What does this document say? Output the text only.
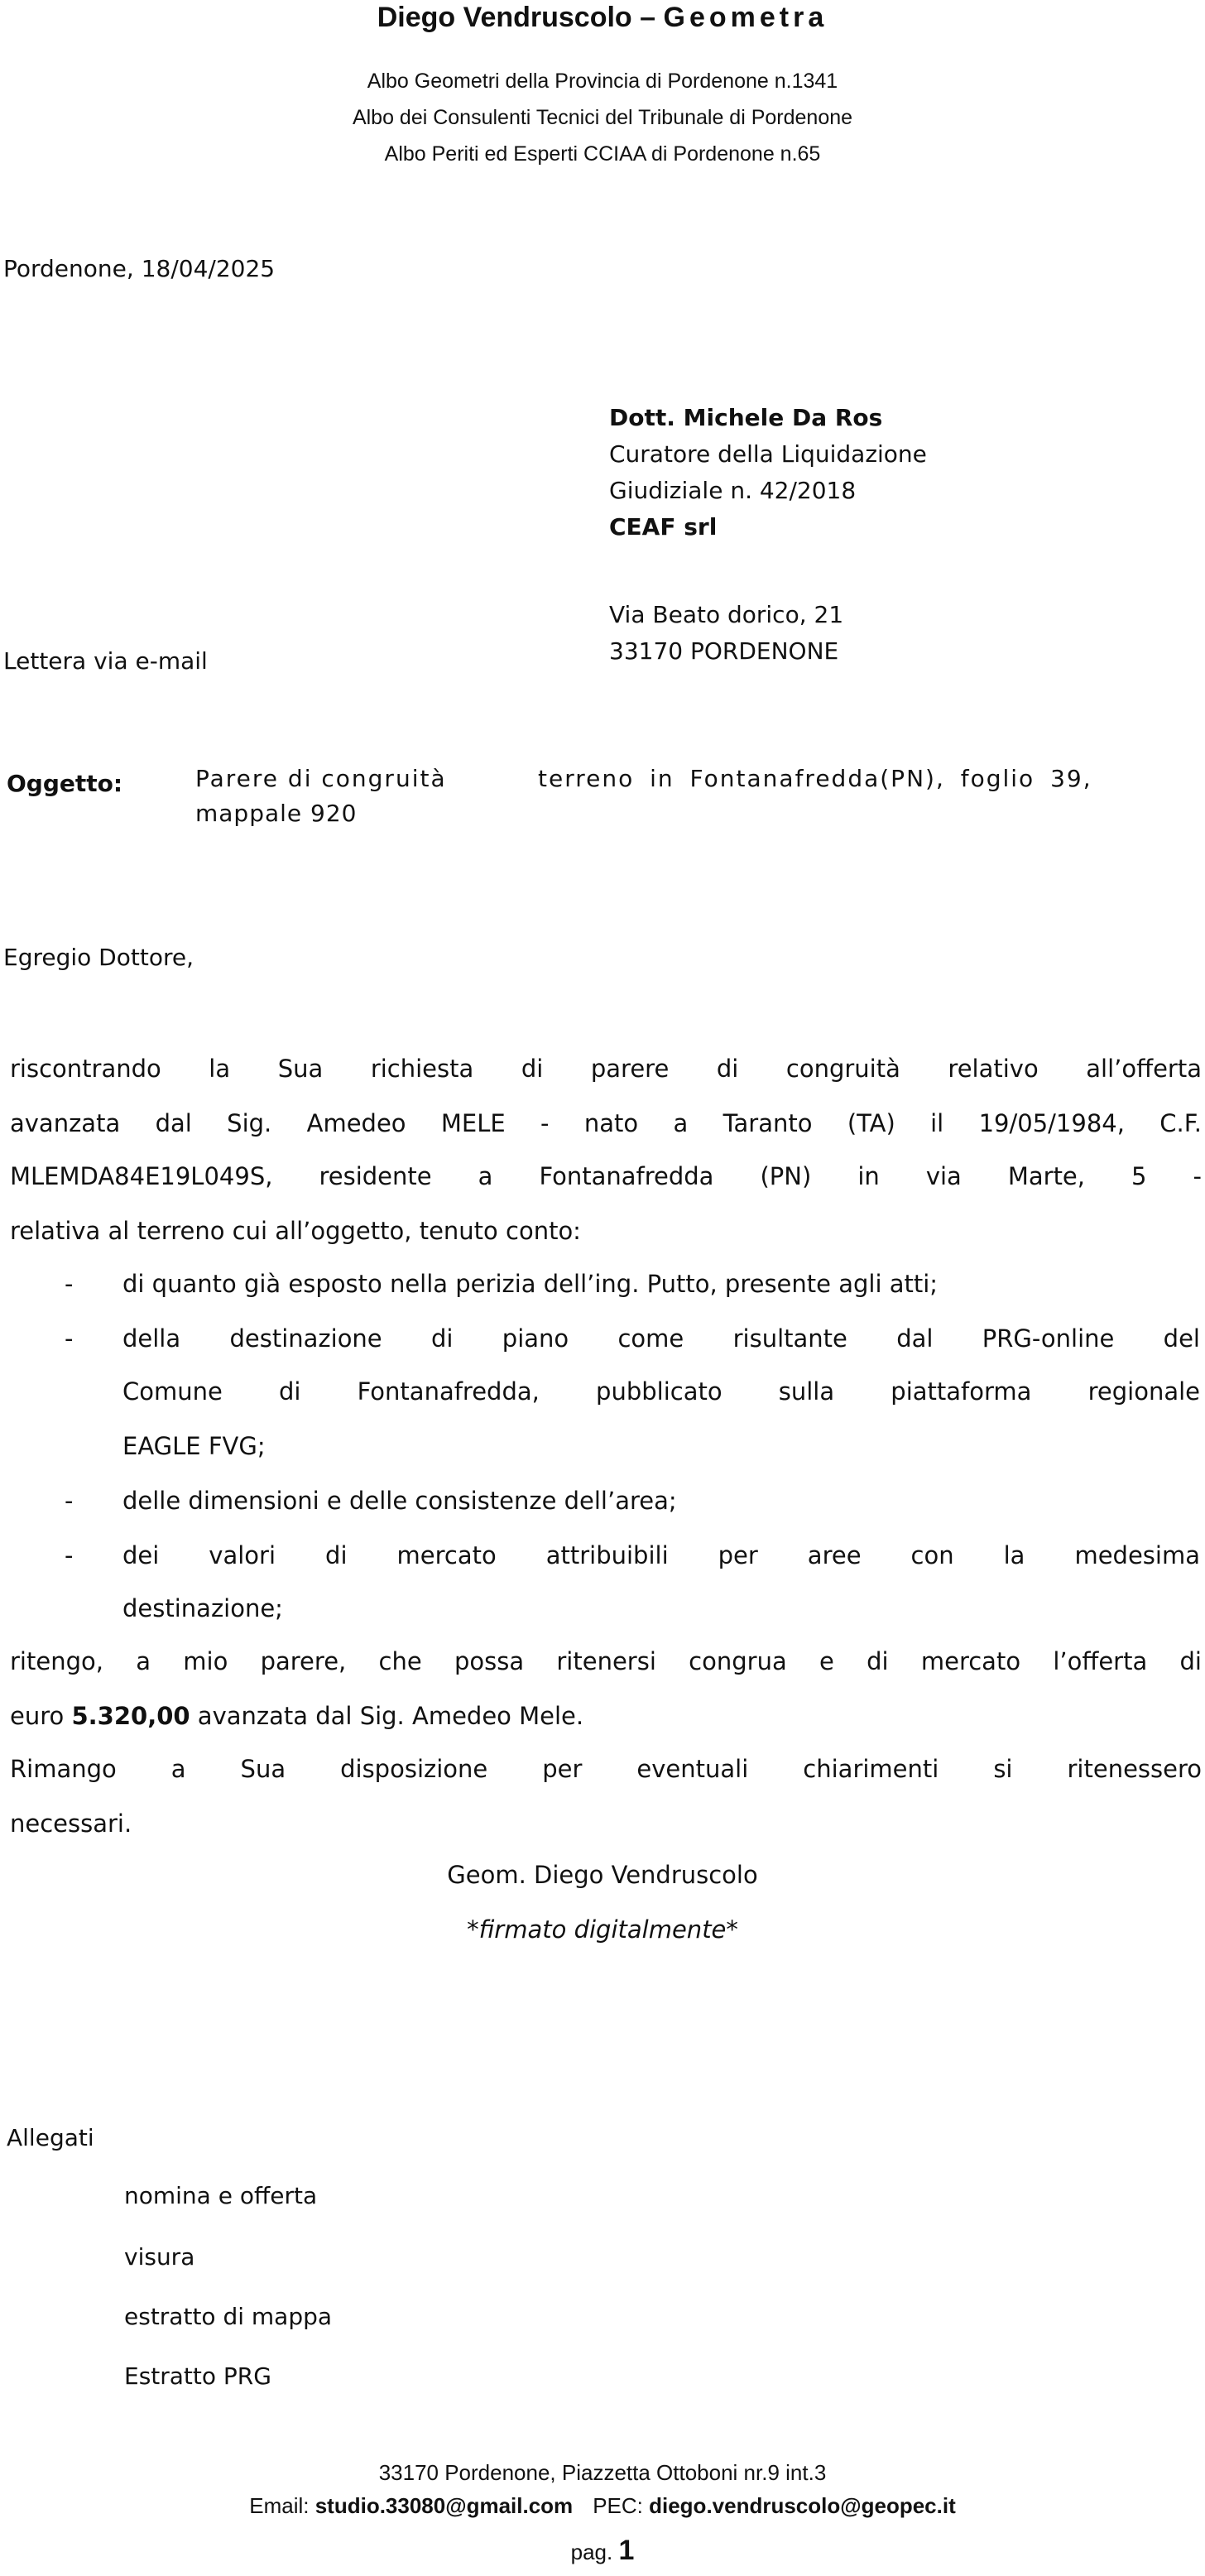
Diego Vendruscolo – Geometra
Albo Geometri della Provincia di Pordenone n.1341
Albo dei Consulenti Tecnici del Tribunale di Pordenone
Albo Periti ed Esperti CCIAA di Pordenone n.65
Pordenone, 18/04/2025
Dott. Michele Da Ros
Curatore della Liquidazione
Giudiziale n. 42/2018
CEAF srl
Via Beato dorico, 21
33170 PORDENONE
Lettera via e-mail
Oggetto:	Parere di congruità	terreno in Fontanafredda(PN), foglio 39,
mappale 920
Egregio Dottore,
riscontrando la Sua richiesta di parere di congruità relativo all’offerta
avanzata dal Sig. Amedeo MELE - nato a Taranto (TA) il 19/05/1984, C.F.
MLEMDA84E19L049S, residente a Fontanafredda (PN) in via Marte, 5 -
relativa al terreno cui all’oggetto, tenuto conto:
- di quanto già esposto nella perizia dell’ing. Putto, presente agli atti;
- della destinazione di piano come risultante dal PRG-online del
Comune di Fontanafredda, pubblicato sulla piattaforma regionale
EAGLE FVG;
- delle dimensioni e delle consistenze dell’area;
- dei valori di mercato attribuibili per aree con la medesima
destinazione;
ritengo, a mio parere, che possa ritenersi congrua e di mercato l’offerta di
euro 5.320,00 avanzata dal Sig. Amedeo Mele.
Rimango a Sua disposizione per eventuali chiarimenti si ritenessero
necessari.
Geom. Diego Vendruscolo
*firmato digitalmente*
Allegati
nomina e offerta
visura
estratto di mappa
Estratto PRG
33170 Pordenone, Piazzetta Ottoboni nr.9 int.3
Email: studio.33080@gmail.com PEC: diego.vendruscolo@geopec.it
pag. 1
